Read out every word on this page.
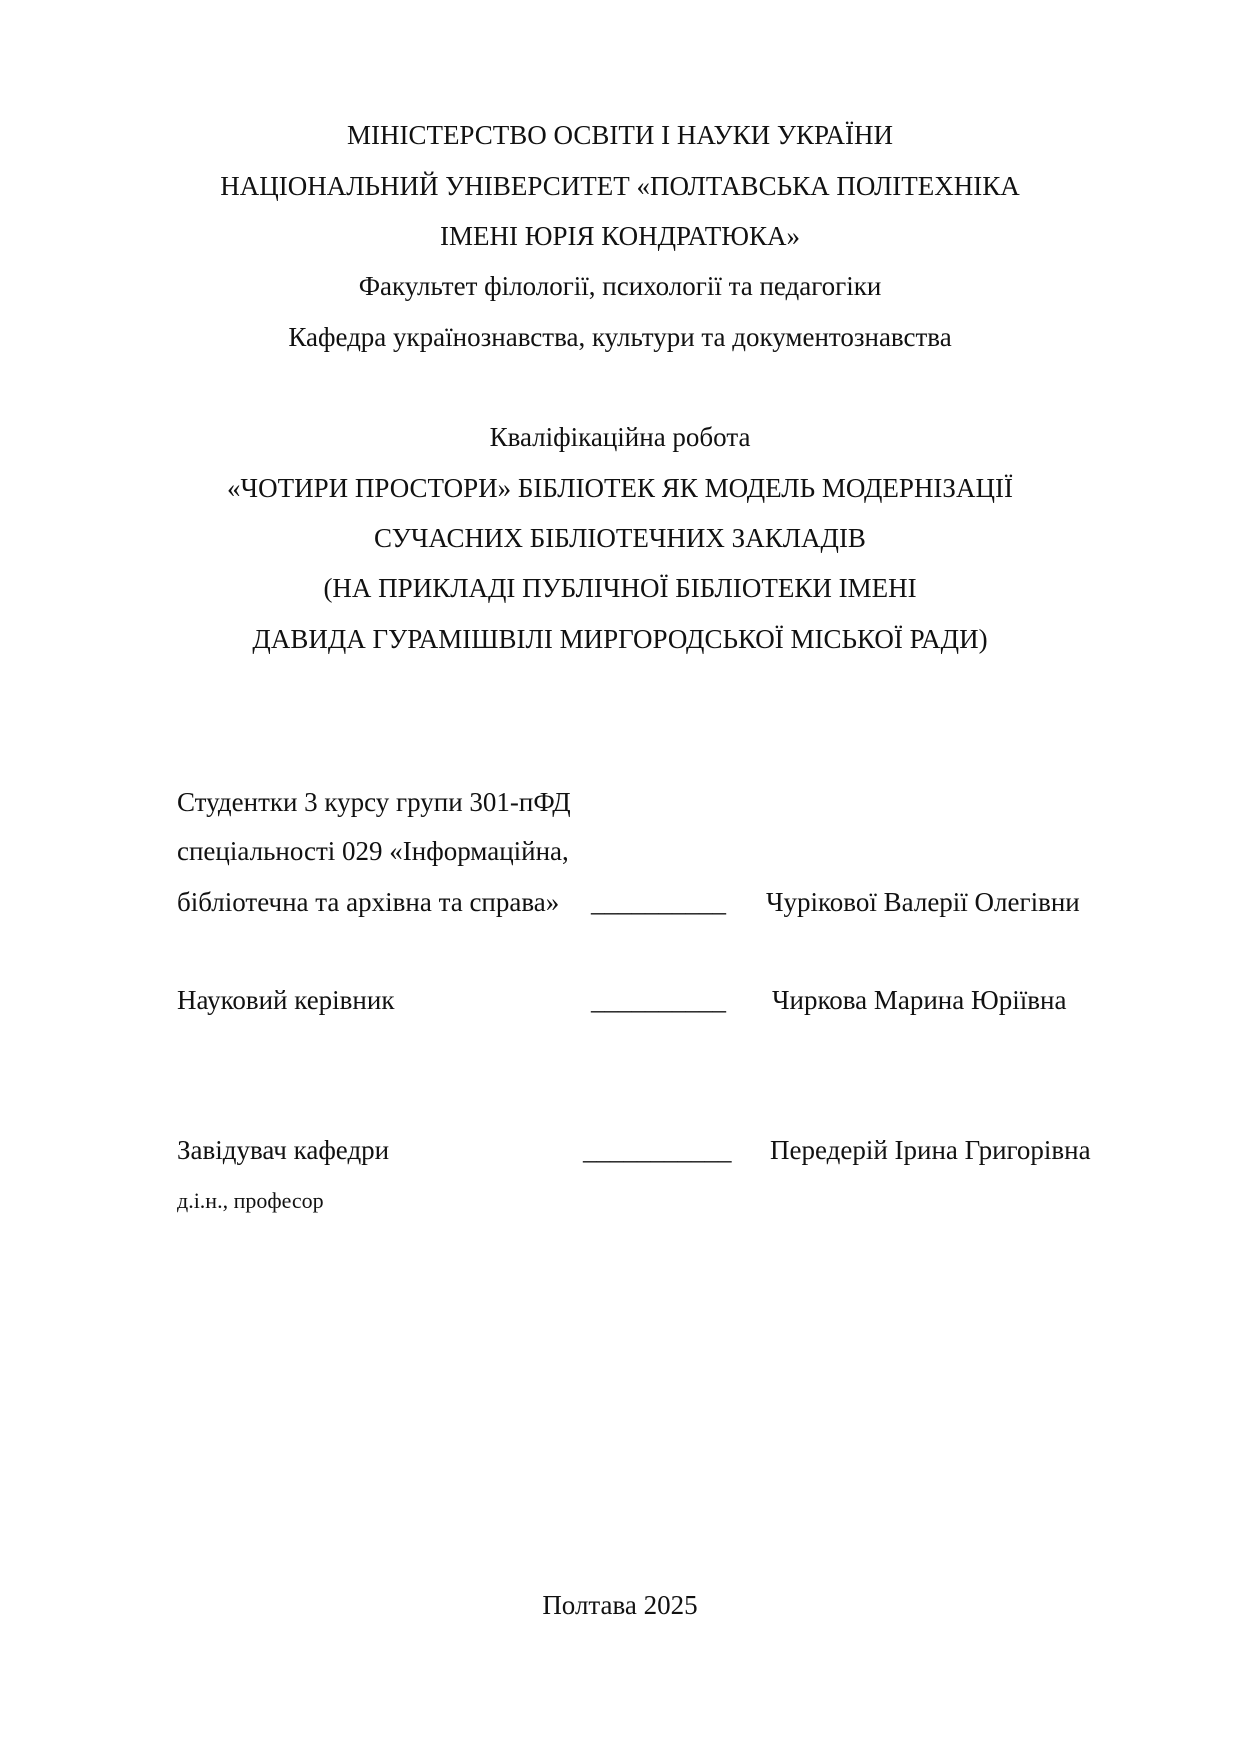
МІНІСТЕРСТВО ОСВІТИ І НАУКИ УКРАЇНИ
НАЦІОНАЛЬНИЙ УНІВЕРСИТЕТ «ПОЛТАВСЬКА ПОЛІТЕХНІКА
ІМЕНІ ЮРІЯ КОНДРАТЮКА»
Факультет філології, психології та педагогіки
Кафедра українознавства, культури та документознавства
Кваліфікаційна робота
«ЧОТИРИ ПРОСТОРИ» БІБЛІОТЕК ЯК МОДЕЛЬ МОДЕРНІЗАЦІЇ
СУЧАСНИХ БІБЛІОТЕЧНИХ ЗАКЛАДІВ
(НА ПРИКЛАДІ ПУБЛІЧНОЇ БІБЛІОТЕКИ ІМЕНІ
ДАВИДА ГУРАМІШВІЛІ МИРГОРОДСЬКОЇ МІСЬКОЇ РАДИ)
Студентки 3 курсу групи 301-пФД
спеціальності 029 «Інформаційна,
бібліотечна та архівна та справа» __________ Чурікової Валерії Олегівни
Науковий керівник	__________ Чиркова Марина Юріївна
Завідувач кафедри	___________ Передерій Ірина Григорівна
д.і.н., професор
Полтава 2025
